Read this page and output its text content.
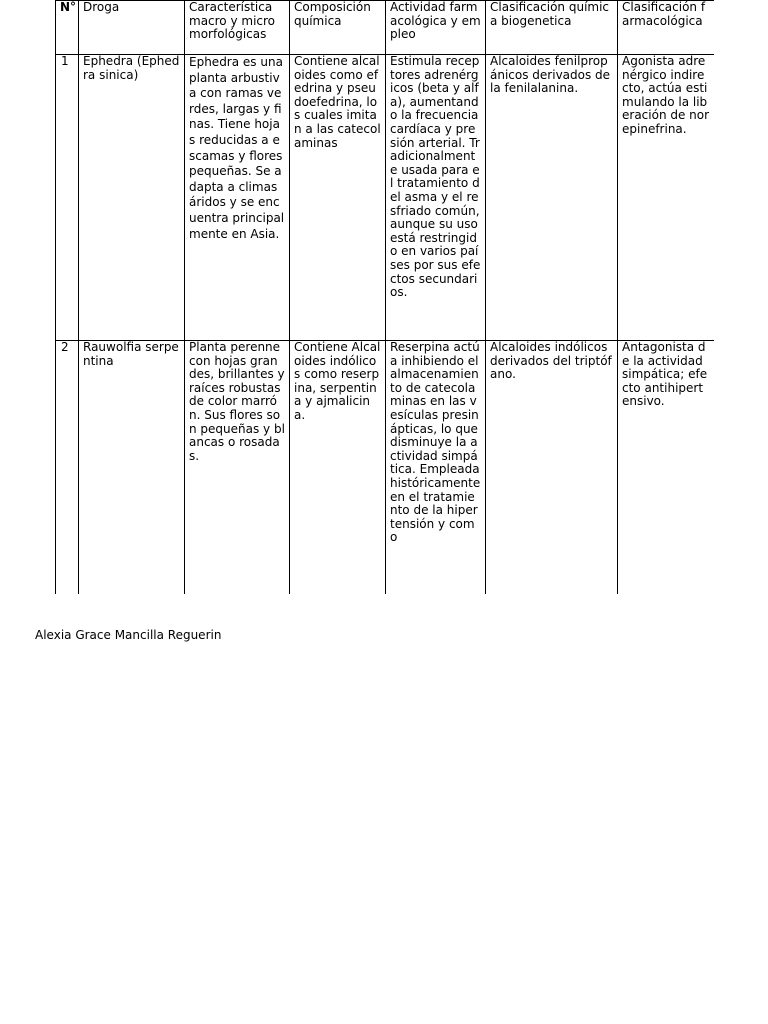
N°	Droga	Característica macro y micromorfológicas	Composición química	Actividad farmacológica y empleo	Clasificación química biogenetica	Clasificación farmacológica
1	Ephedra (Ephedra sinica)	Ephedra es una planta arbustiva con ramas verdes, largas y finas. Tiene hojas reducidas a escamas y flores pequeñas. Se adapta a climas áridos y se encuentra principalmente en Asia.	Contiene alcaloides como efedrina y pseudoefedrina, los cuales imitan a las catecolaminas	Estimula receptores adrenérgicos (beta y alfa), aumentando la frecuencia cardíaca y presión arterial. Tradicionalmente usada para el tratamiento del asma y el resfriado común, aunque su uso está restringido en varios países por sus efectos secundarios.	Alcaloides fenilpropánicos derivados de la fenilalanina.	Agonista adrenérgico indirecto, actúa estimulando la liberación de norepinefrina.
2	Rauwolfia serpentina	Planta perenne con hojas grandes, brillantes y raíces robustas de color marrón. Sus flores son pequeñas y blancas o rosadas.	Contiene Alcaloides indólicos como reserpina, serpentina y ajmalicina.	Reserpina actúa inhibiendo el almacenamiento de catecolaminas en las vesículas presinápticas, lo que disminuye la actividad simpática. Empleada históricamente en el tratamiento de la hipertensión y como	Alcaloides indólicos derivados del triptófano.	Antagonista de la actividad simpática; efecto antihipertensivo.
Alexia Grace Mancilla Reguerin
